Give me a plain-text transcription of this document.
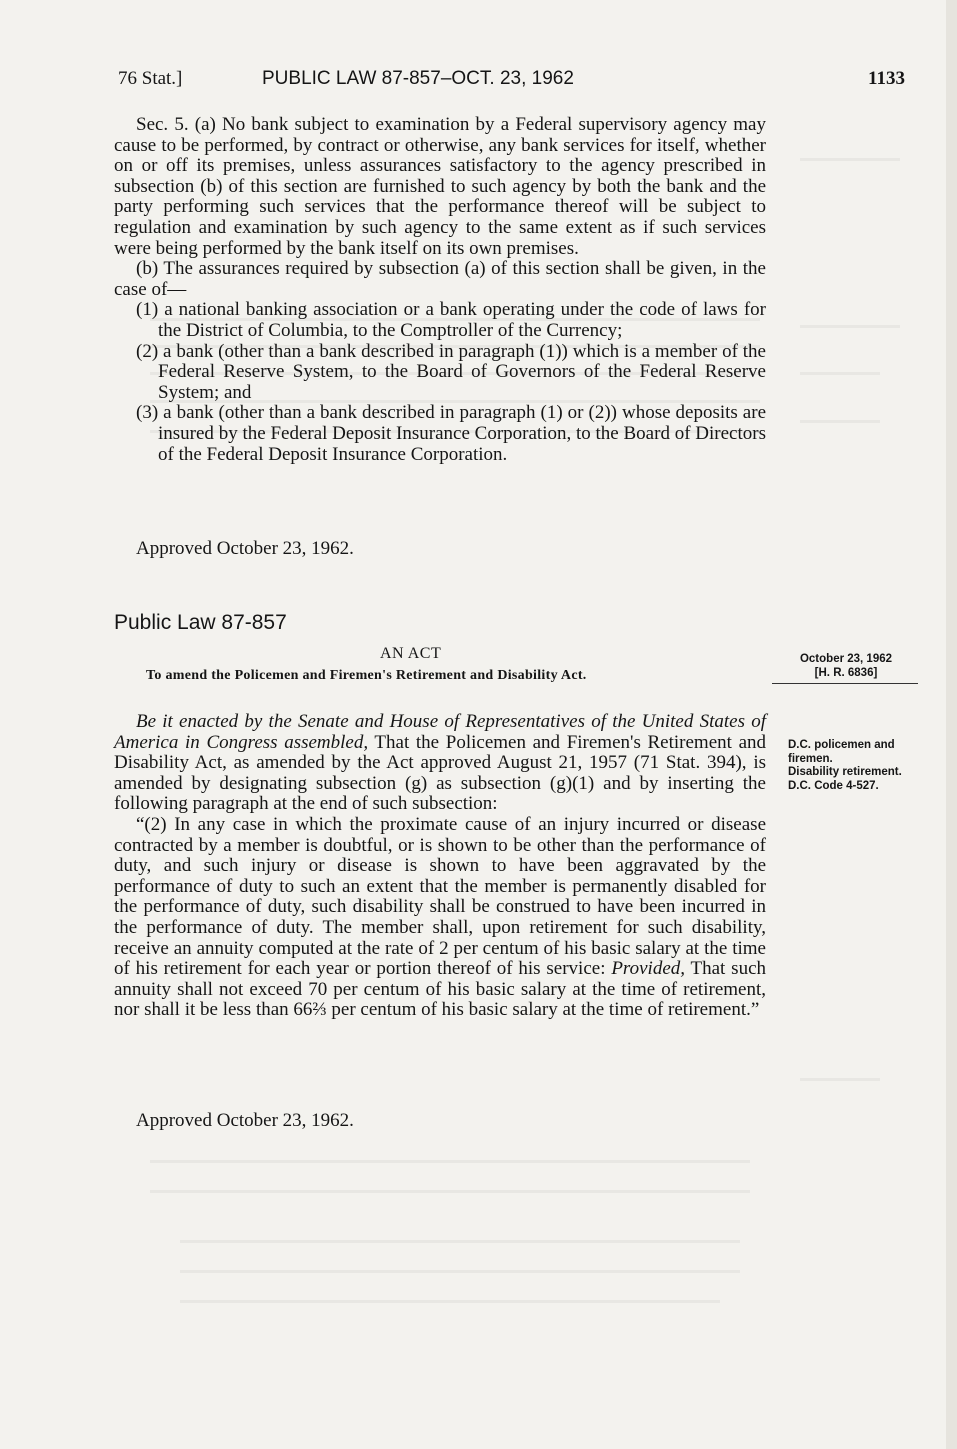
76 Stat.]	PUBLIC LAW 87-857–OCT. 23, 1962	1133

Sec. 5. (a) No bank subject to examination by a Federal supervisory agency may cause to be performed, by contract or otherwise, any bank services for itself, whether on or off its premises, unless assurances satisfactory to the agency prescribed in subsection (b) of this section are furnished to such agency by both the bank and the party performing such services that the performance thereof will be subject to regulation and examination by such agency to the same extent as if such services were being performed by the bank itself on its own premises.

(b) The assurances required by subsection (a) of this section shall be given, in the case of—

(1) a national banking association or a bank operating under the code of laws for the District of Columbia, to the Comptroller of the Currency;

(2) a bank (other than a bank described in paragraph (1)) which is a member of the Federal Reserve System, to the Board of Governors of the Federal Reserve System; and

(3) a bank (other than a bank described in paragraph (1) or (2)) whose deposits are insured by the Federal Deposit Insurance Corporation, to the Board of Directors of the Federal Deposit Insurance Corporation.

Approved October 23, 1962.
Public Law 87-857
AN ACT
To amend the Policemen and Firemen's Retirement and Disability Act.
October 23, 1962
[H. R. 6836]
D.C. policemen and firemen.
Disability retirement.
D.C. Code 4-527.

Be it enacted by the Senate and House of Representatives of the United States of America in Congress assembled, That the Policemen and Firemen's Retirement and Disability Act, as amended by the Act approved August 21, 1957 (71 Stat. 394), is amended by designating subsection (g) as subsection (g)(1) and by inserting the following paragraph at the end of such subsection:

“(2) In any case in which the proximate cause of an injury incurred or disease contracted by a member is doubtful, or is shown to be other than the performance of duty, and such injury or disease is shown to have been aggravated by the performance of duty to such an extent that the member is permanently disabled for the performance of duty, such disability shall be construed to have been incurred in the performance of duty. The member shall, upon retirement for such disability, receive an annuity computed at the rate of 2 per centum of his basic salary at the time of his retirement for each year or portion thereof of his service: Provided, That such annuity shall not exceed 70 per centum of his basic salary at the time of retirement, nor shall it be less than 66⅔ per centum of his basic salary at the time of retirement.”

Approved October 23, 1962.
